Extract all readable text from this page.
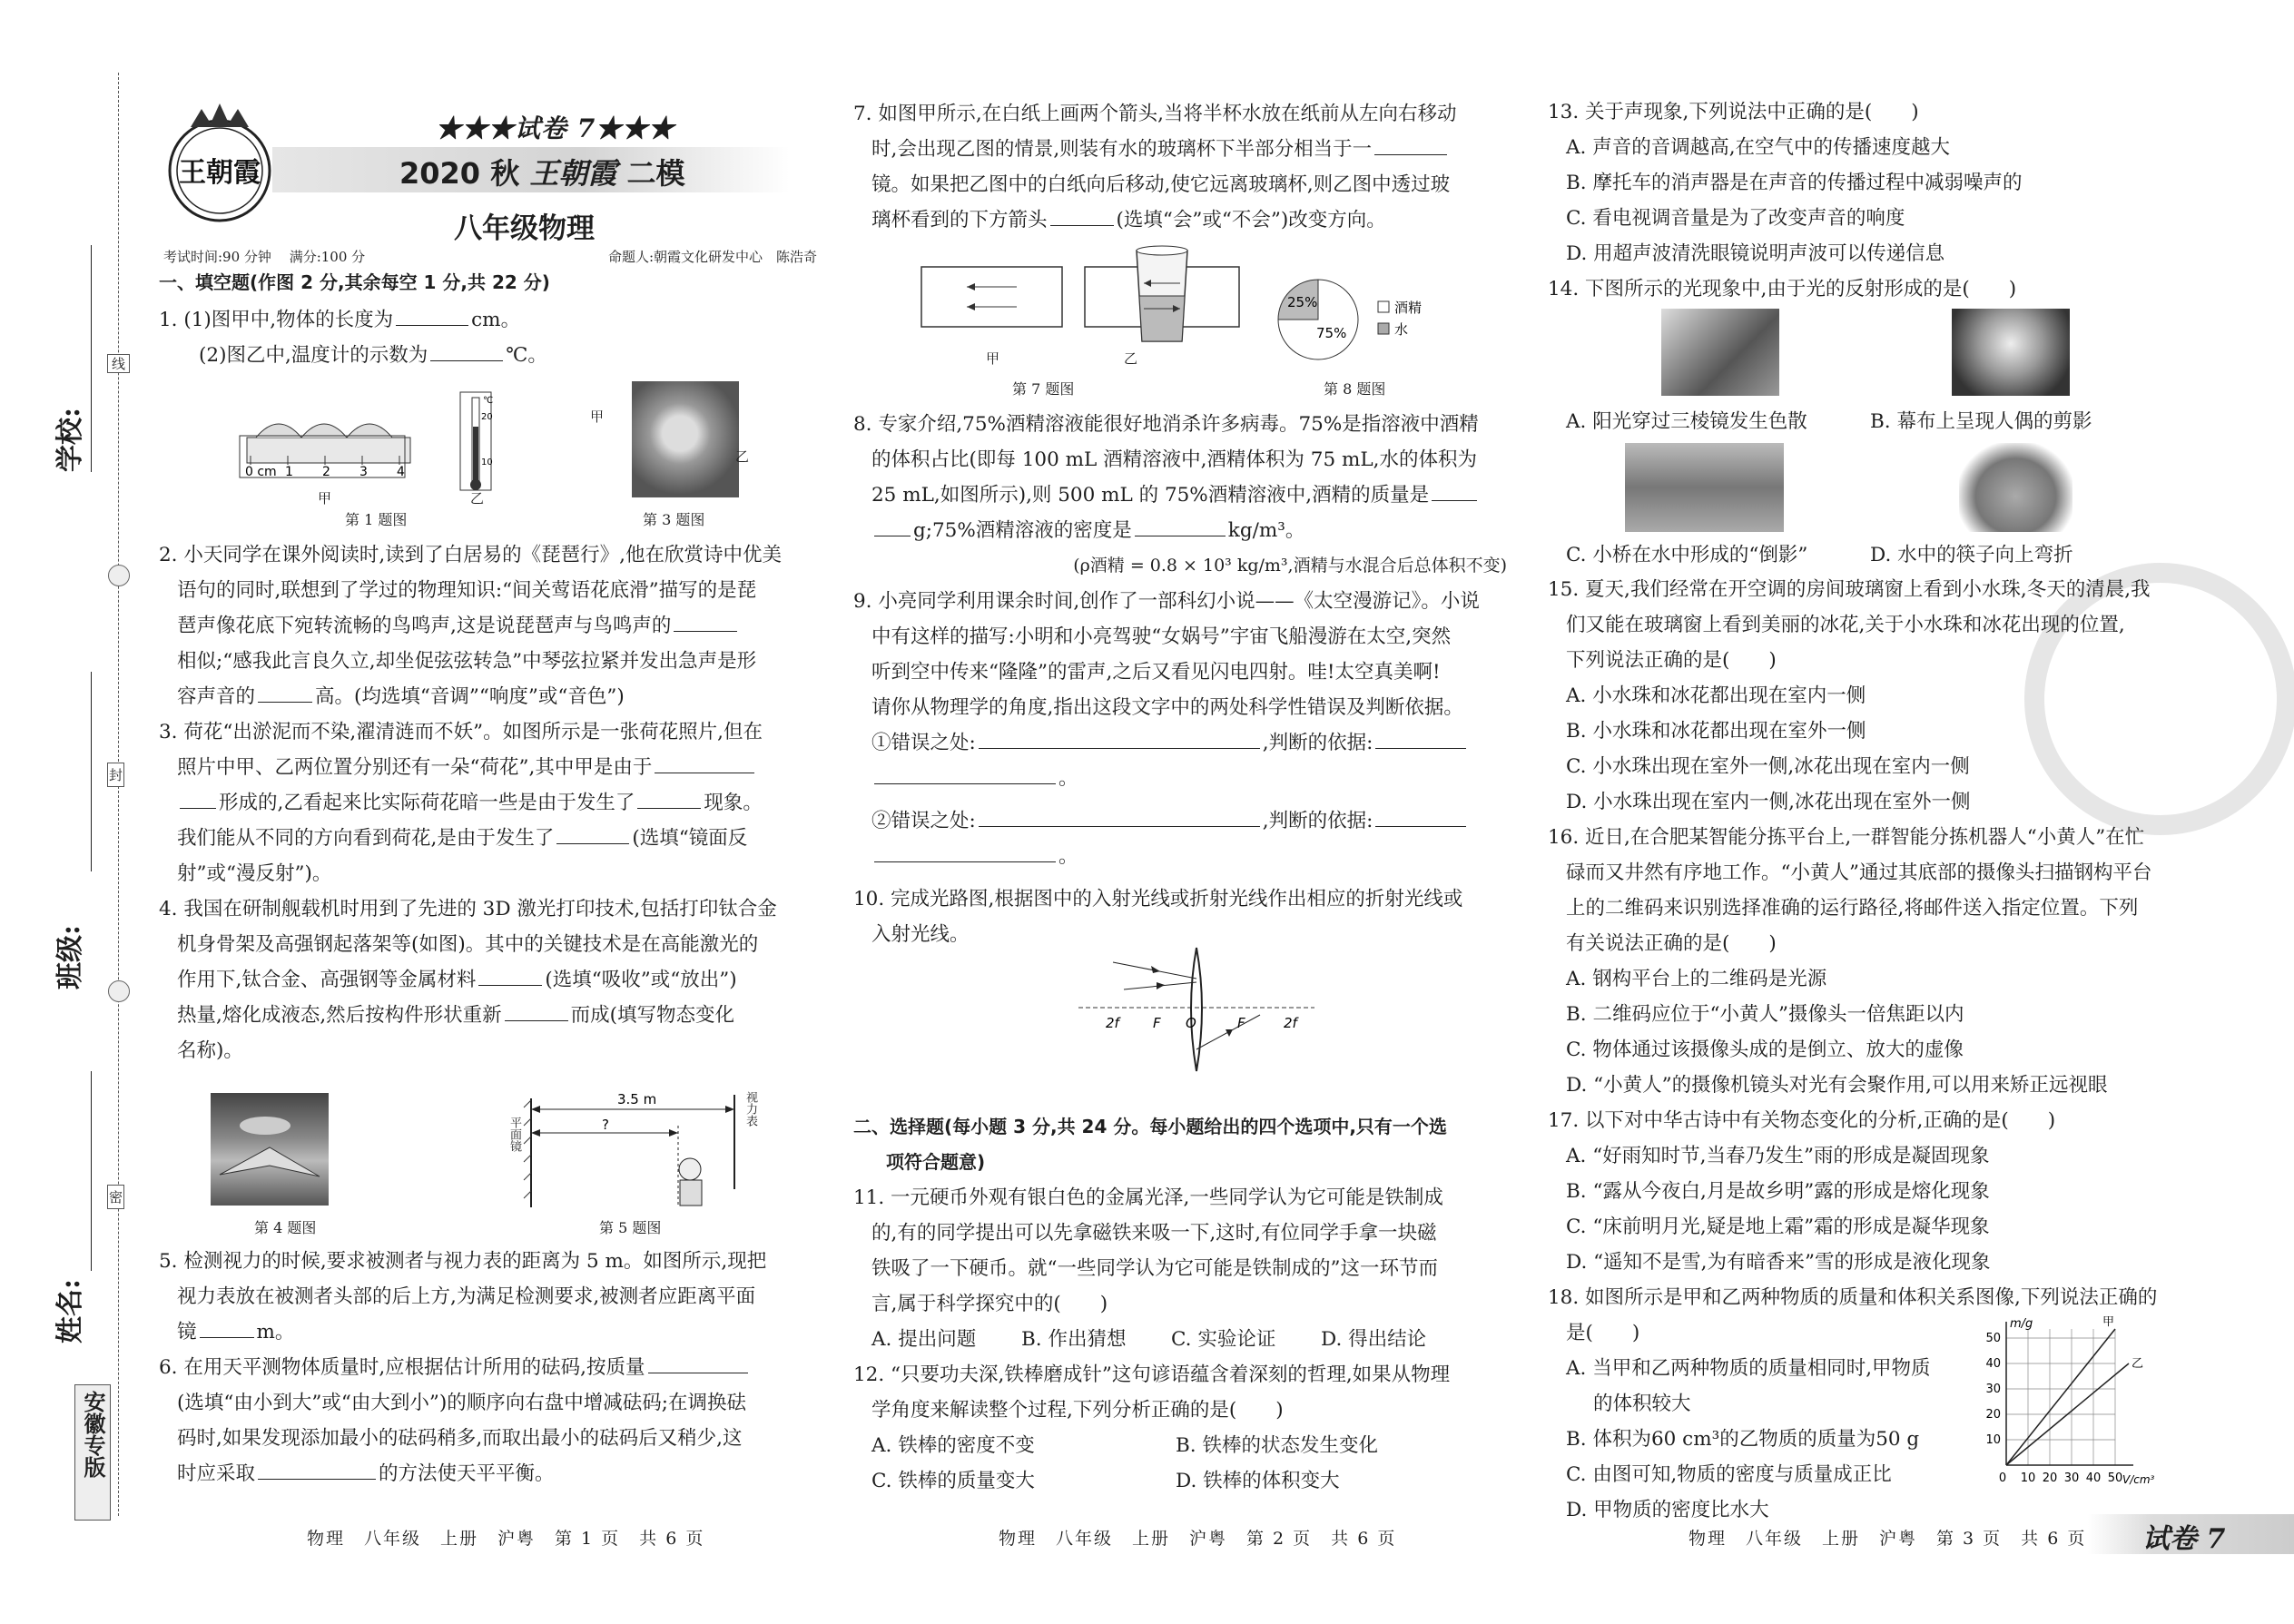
学校:
线
班级:
封
姓名:
密
安徽专版
王朝霞
★★★试卷 7★★★
2020 秋 王朝霞 二模
八年级物理
考试时间:90 分钟　 满分:100 分	命题人:朝霞文化研发中心　陈浩奇
一、填空题(作图 2 分,其余每空 1 分,共 22 分)

1. (1)图甲中,物体的长度为	cm。

(2)图乙中,温度计的示数为	℃。

0 cm 1 2 3 4
℃
20
10
甲	乙
第 1 题图
甲
乙
第 3 题图

2. 小天同学在课外阅读时,读到了白居易的《琵琶行》,他在欣赏诗中优美

语句的同时,联想到了学过的物理知识:“间关莺语花底滑”描写的是琵

琶声像花底下宛转流畅的鸟鸣声,这是说琵琶声与鸟鸣声的

相似;“感我此言良久立,却坐促弦弦转急”中琴弦拉紧并发出急声是形

容声音的	高。(均选填“音调”“响度”或“音色”)

3. 荷花“出淤泥而不染,濯清涟而不妖”。如图所示是一张荷花照片,但在

照片中甲、乙两位置分别还有一朵“荷花”,其中甲是由于

形成的,乙看起来比实际荷花暗一些是由于发生了	现象。

我们能从不同的方向看到荷花,是由于发生了	(选填“镜面反

射”或“漫反射”)。

4. 我国在研制舰载机时用到了先进的 3D 激光打印技术,包括打印钛合金

机身骨架及高强钢起落架等(如图)。其中的关键技术是在高能激光的

作用下,钛合金、高强钢等金属材料	(选填“吸收”或“放出”)

热量,熔化成液态,然后按构件形状重新	而成(填写物态变化

名称)。

第 4 题图
3.5 m
?
平面镜
视力表
第 5 题图

5. 检测视力的时候,要求被测者与视力表的距离为 5 m。如图所示,现把

视力表放在被测者头部的后上方,为满足检测要求,被测者应距离平面

镜	m。

6. 在用天平测物体质量时,应根据估计所用的砝码,按质量

(选填“由小到大”或“由大到小”)的顺序向右盘中增减砝码;在调换砝

码时,如果发现添加最小的砝码稍多,而取出最小的砝码后又稍少,这

时应采取	的方法使天平平衡。

物理　八年级　上册　沪粤　第 1 页　共 6 页

7. 如图甲所示,在白纸上画两个箭头,当将半杯水放在纸前从左向右移动

时,会出现乙图的情景,则装有水的玻璃杯下半部分相当于一

镜。如果把乙图中的白纸向后移动,使它远离玻璃杯,则乙图中透过玻

璃杯看到的下方箭头	(选填“会”或“不会”)改变方向。

甲	乙
第 7 题图
25%
75%
酒精
水
第 8 题图

8. 专家介绍,75%酒精溶液能很好地消杀许多病毒。75%是指溶液中酒精

的体积占比(即每 100 mL 酒精溶液中,酒精体积为 75 mL,水的体积为

25 mL,如图所示),则 500 mL 的 75%酒精溶液中,酒精的质量是

g;75%酒精溶液的密度是	kg/m³。

(ρ酒精 = 0.8 × 10³ kg/m³,酒精与水混合后总体积不变)

9. 小亮同学利用课余时间,创作了一部科幻小说——《太空漫游记》。小说

中有这样的描写:小明和小亮驾驶“女娲号”宇宙飞船漫游在太空,突然

听到空中传来“隆隆”的雷声,之后又看见闪电四射。哇!太空真美啊!

请你从物理学的角度,指出这段文字中的两处科学性错误及判断依据。

①错误之处:	,判断的依据:

。

②错误之处:	,判断的依据:

。

10. 完成光路图,根据图中的入射光线或折射光线作出相应的折射光线或

入射光线。

2f F O	F	2f

二、选择题(每小题 3 分,共 24 分。每小题给出的四个选项中,只有一个选

项符合题意)

11. 一元硬币外观有银白色的金属光泽,一些同学认为它可能是铁制成

的,有的同学提出可以先拿磁铁来吸一下,这时,有位同学手拿一块磁

铁吸了一下硬币。就“一些同学认为它可能是铁制成的”这一环节而

言,属于科学探究中的(　　)

A. 提出问题 B. 作出猜想 C. 实验论证 D. 得出结论

12. “只要功夫深,铁棒磨成针”这句谚语蕴含着深刻的哲理,如果从物理

学角度来解读整个过程,下列分析正确的是(　　)

A. 铁棒的密度不变	B. 铁棒的状态发生变化

C. 铁棒的质量变大	D. 铁棒的体积变大

物理　八年级　上册　沪粤　第 2 页　共 6 页

13. 关于声现象,下列说法中正确的是(　　)

A. 声音的音调越高,在空气中的传播速度越大

B. 摩托车的消声器是在声音的传播过程中减弱噪声的

C. 看电视调音量是为了改变声音的响度

D. 用超声波清洗眼镜说明声波可以传递信息

14. 下图所示的光现象中,由于光的反射形成的是(　　)

A. 阳光穿过三棱镜发生色散	B. 幕布上呈现人偶的剪影
C. 小桥在水中形成的“倒影”	D. 水中的筷子向上弯折

15. 夏天,我们经常在开空调的房间玻璃窗上看到小水珠,冬天的清晨,我

们又能在玻璃窗上看到美丽的冰花,关于小水珠和冰花出现的位置,

下列说法正确的是(　　)

A. 小水珠和冰花都出现在室内一侧

B. 小水珠和冰花都出现在室外一侧

C. 小水珠出现在室外一侧,冰花出现在室内一侧

D. 小水珠出现在室内一侧,冰花出现在室外一侧

16. 近日,在合肥某智能分拣平台上,一群智能分拣机器人“小黄人”在忙

碌而又井然有序地工作。“小黄人”通过其底部的摄像头扫描钢构平台

上的二维码来识别选择准确的运行路径,将邮件送入指定位置。下列

有关说法正确的是(　　)

A. 钢构平台上的二维码是光源

B. 二维码应位于“小黄人”摄像头一倍焦距以内

C. 物体通过该摄像头成的是倒立、放大的虚像

D. “小黄人”的摄像机镜头对光有会聚作用,可以用来矫正远视眼

17. 以下对中华古诗中有关物态变化的分析,正确的是(　　)

A. “好雨知时节,当春乃发生”雨的形成是凝固现象

B. “露从今夜白,月是故乡明”露的形成是熔化现象

C. “床前明月光,疑是地上霜”霜的形成是凝华现象

D. “遥知不是雪,为有暗香来”雪的形成是液化现象

18. 如图所示是甲和乙两种物质的质量和体积关系图像,下列说法正确的

是(　　)

A. 当甲和乙两种物质的质量相同时,甲物质

的体积较大

B. 体积为60 cm³的乙物质的质量为50 g

C. 由图可知,物质的密度与质量成正比

D. 甲物质的密度比水大

m/g	甲
乙
50
40
30
20
10
0 10 20 30 40 50 V/cm³
物理　八年级　上册　沪粤　第 3 页　共 6 页 试卷 7
